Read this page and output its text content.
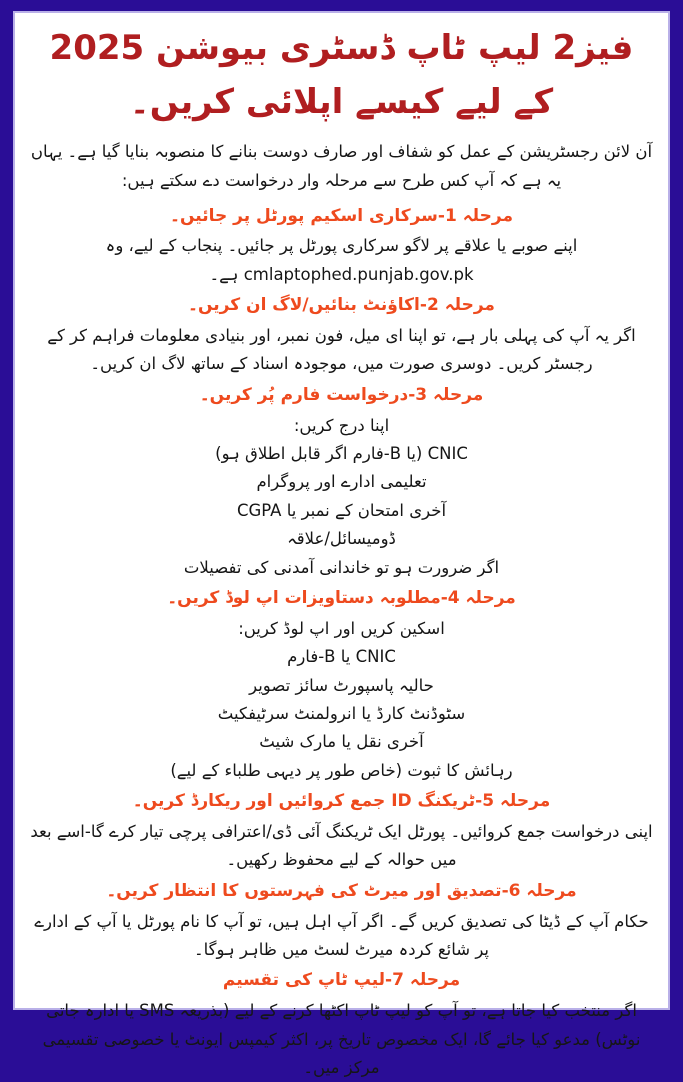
فیز2 لیپ ٹاپ ڈسٹری بیوشن 2025 کے لیے کیسے اپلائی کریں۔

آن لائن رجسٹریشن کے عمل کو شفاف اور صارف دوست بنانے کا منصوبہ بنایا گیا ہے۔ یہاں یہ ہے کہ آپ کس طرح سے مرحلہ وار درخواست دے سکتے ہیں:

مرحلہ 1-سرکاری اسکیم پورٹل پر جائیں۔

اپنے صوبے یا علاقے پر لاگو سرکاری پورٹل پر جائیں۔ پنجاب کے لیے، وہ cmlaptophed.punjab.gov.pk ہے۔

مرحلہ 2-اکاؤنٹ بنائیں/لاگ ان کریں۔

اگر یہ آپ کی پہلی بار ہے، تو اپنا ای میل، فون نمبر، اور بنیادی معلومات فراہم کر کے رجسٹر کریں۔ دوسری صورت میں، موجودہ اسناد کے ساتھ لاگ ان کریں۔

مرحلہ 3-درخواست فارم پُر کریں۔

اپنا درج کریں:

CNIC (یا B-فارم اگر قابل اطلاق ہو)

تعلیمی ادارے اور پروگرام

آخری امتحان کے نمبر یا CGPA

ڈومیسائل/علاقہ

اگر ضرورت ہو تو خاندانی آمدنی کی تفصیلات

مرحلہ 4-مطلوبہ دستاویزات اپ لوڈ کریں۔

اسکین کریں اور اپ لوڈ کریں:

CNIC یا B-فارم

حالیہ پاسپورٹ سائز تصویر

سٹوڈنٹ کارڈ یا انرولمنٹ سرٹیفکیٹ

آخری نقل یا مارک شیٹ

رہائش کا ثبوت (خاص طور پر دیہی طلباء کے لیے)

مرحلہ 5-ٹریکنگ ID جمع کروائیں اور ریکارڈ کریں۔

اپنی درخواست جمع کروائیں۔ پورٹل ایک ٹریکنگ آئی ڈی/اعترافی پرچی تیار کرے گا-اسے بعد میں حوالہ کے لیے محفوظ رکھیں۔

مرحلہ 6-تصدیق اور میرٹ کی فہرستوں کا انتظار کریں۔

حکام آپ کے ڈیٹا کی تصدیق کریں گے۔ اگر آپ اہل ہیں، تو آپ کا نام پورٹل یا آپ کے ادارے پر شائع کردہ میرٹ لسٹ میں ظاہر ہوگا۔

مرحلہ 7-لیپ ٹاپ کی تقسیم

اگر منتخب کیا جاتا ہے، تو آپ کو لیپ ٹاپ اکٹھا کرنے کے لیے (بذریعہ SMS یا ادارہ جاتی نوٹس) مدعو کیا جائے گا، ایک مخصوص تاریخ پر، اکثر کیمپس ایونٹ یا خصوصی تقسیمی مرکز میں۔
